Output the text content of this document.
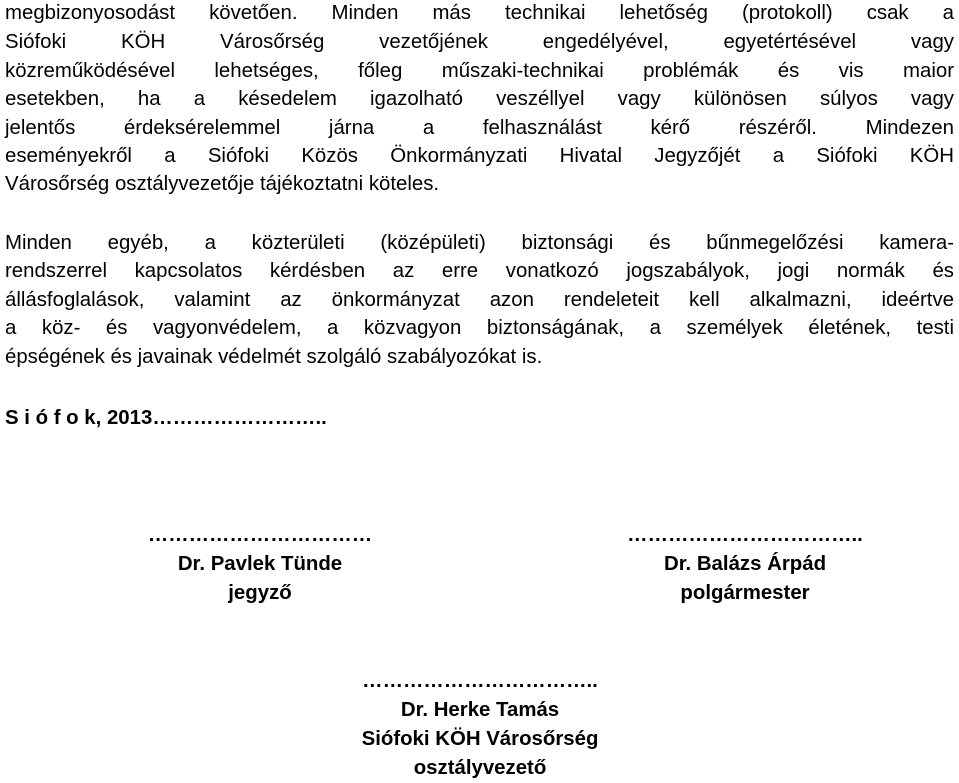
megbizonyosodást követően. Minden más technikai lehetőség (protokoll) csak a
Siófoki KÖH Városőrség vezetőjének engedélyével, egyetértésével vagy
közreműködésével lehetséges, főleg műszaki-technikai problémák és vis maior
esetekben, ha a késedelem igazolható veszéllyel vagy különösen súlyos vagy
jelentős érdeksérelemmel járna a felhasználást kérő részéről. Mindezen
eseményekről a Siófoki Közös Önkormányzati Hivatal Jegyzőjét a Siófoki KÖH
Városőrség osztályvezetője tájékoztatni köteles.
Minden egyéb, a közterületi (középületi) biztonsági és bűnmegelőzési kamera-
rendszerrel kapcsolatos kérdésben az erre vonatkozó jogszabályok, jogi normák és
állásfoglalások, valamint az önkormányzat azon rendeleteit kell alkalmazni, ideértve
a köz- és vagyonvédelem, a közvagyon biztonságának, a személyek életének, testi
épségének és javainak védelmét szolgáló szabályozókat is.
S i ó f o k, 2013……………………..
……………………………
Dr. Pavlek Tünde
jegyző
……………………………..
Dr. Balázs Árpád
polgármester
……………………………..
Dr. Herke Tamás
Siófoki KÖH Városőrség
osztályvezető
